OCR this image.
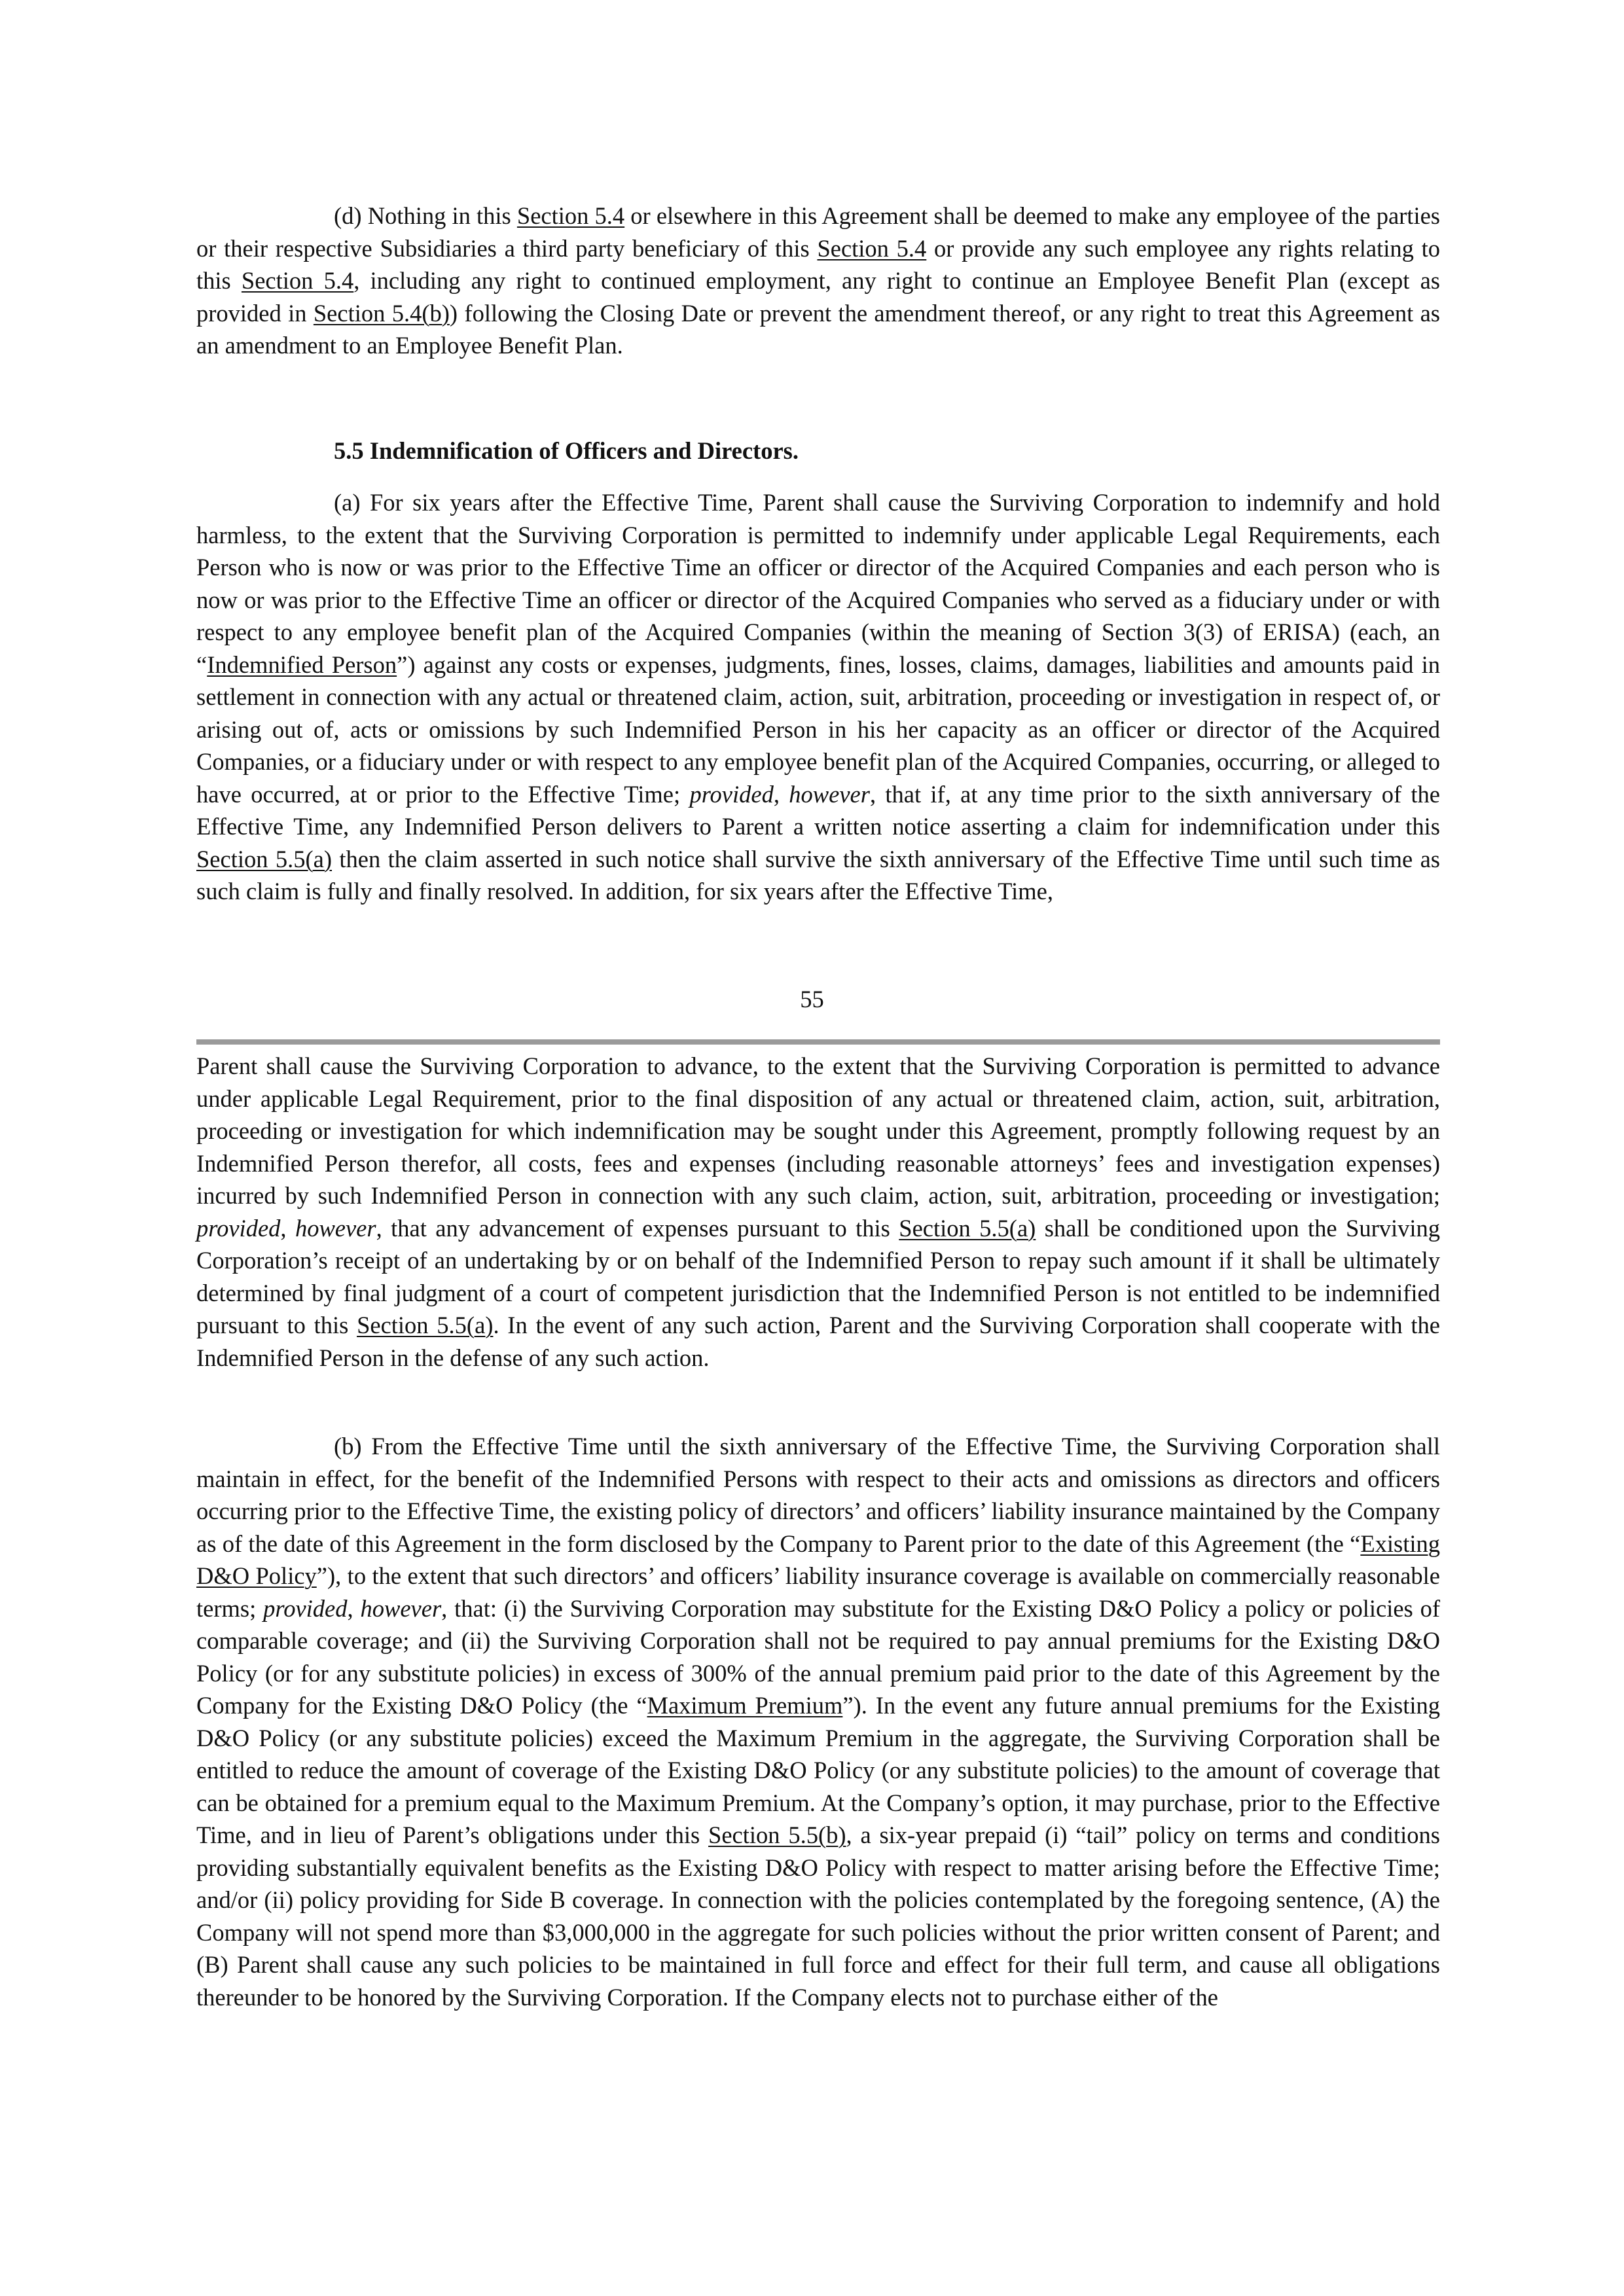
(d) Nothing in this Section 5.4 or elsewhere in this Agreement shall be deemed to make any employee of the parties or their respective Subsidiaries a third party beneficiary of this Section 5.4 or provide any such employee any rights relating to this Section 5.4, including any right to continued employment, any right to continue an Employee Benefit Plan (except as provided in Section 5.4(b)) following the Closing Date or prevent the amendment thereof, or any right to treat this Agreement as an amendment to an Employee Benefit Plan.

5.5 Indemnification of Officers and Directors.

(a) For six years after the Effective Time, Parent shall cause the Surviving Corporation to indemnify and hold harmless, to the extent that the Surviving Corporation is permitted to indemnify under applicable Legal Requirements, each Person who is now or was prior to the Effective Time an officer or director of the Acquired Companies and each person who is now or was prior to the Effective Time an officer or director of the Acquired Companies who served as a fiduciary under or with respect to any employee benefit plan of the Acquired Companies (within the meaning of Section 3(3) of ERISA) (each, an “Indemnified Person”) against any costs or expenses, judgments, fines, losses, claims, damages, liabilities and amounts paid in settlement in connection with any actual or threatened claim, action, suit, arbitration, proceeding or investigation in respect of, or arising out of, acts or omissions by such Indemnified Person in his her capacity as an officer or director of the Acquired Companies, or a fiduciary under or with respect to any employee benefit plan of the Acquired Companies, occurring, or alleged to have occurred, at or prior to the Effective Time; provided, however, that if, at any time prior to the sixth anniversary of the Effective Time, any Indemnified Person delivers to Parent a written notice asserting a claim for indemnification under this Section 5.5(a) then the claim asserted in such notice shall survive the sixth anniversary of the Effective Time until such time as such claim is fully and finally resolved. In addition, for six years after the Effective Time,

55

Parent shall cause the Surviving Corporation to advance, to the extent that the Surviving Corporation is permitted to advance under applicable Legal Requirement, prior to the final disposition of any actual or threatened claim, action, suit, arbitration, proceeding or investigation for which indemnification may be sought under this Agreement, promptly following request by an Indemnified Person therefor, all costs, fees and expenses (including reasonable attorneys’ fees and investigation expenses) incurred by such Indemnified Person in connection with any such claim, action, suit, arbitration, proceeding or investigation; provided, however, that any advancement of expenses pursuant to this Section 5.5(a) shall be conditioned upon the Surviving Corporation’s receipt of an undertaking by or on behalf of the Indemnified Person to repay such amount if it shall be ultimately determined by final judgment of a court of competent jurisdiction that the Indemnified Person is not entitled to be indemnified pursuant to this Section 5.5(a). In the event of any such action, Parent and the Surviving Corporation shall cooperate with the Indemnified Person in the defense of any such action.

(b) From the Effective Time until the sixth anniversary of the Effective Time, the Surviving Corporation shall maintain in effect, for the benefit of the Indemnified Persons with respect to their acts and omissions as directors and officers occurring prior to the Effective Time, the existing policy of directors’ and officers’ liability insurance maintained by the Company as of the date of this Agreement in the form disclosed by the Company to Parent prior to the date of this Agreement (the “Existing D&O Policy”), to the extent that such directors’ and officers’ liability insurance coverage is available on commercially reasonable terms; provided, however, that: (i) the Surviving Corporation may substitute for the Existing D&O Policy a policy or policies of comparable coverage; and (ii) the Surviving Corporation shall not be required to pay annual premiums for the Existing D&O Policy (or for any substitute policies) in excess of 300% of the annual premium paid prior to the date of this Agreement by the Company for the Existing D&O Policy (the “Maximum Premium”). In the event any future annual premiums for the Existing D&O Policy (or any substitute policies) exceed the Maximum Premium in the aggregate, the Surviving Corporation shall be entitled to reduce the amount of coverage of the Existing D&O Policy (or any substitute policies) to the amount of coverage that can be obtained for a premium equal to the Maximum Premium. At the Company’s option, it may purchase, prior to the Effective Time, and in lieu of Parent’s obligations under this Section 5.5(b), a six-year prepaid (i) “tail” policy on terms and conditions providing substantially equivalent benefits as the Existing D&O Policy with respect to matter arising before the Effective Time; and/or (ii) policy providing for Side B coverage. In connection with the policies contemplated by the foregoing sentence, (A) the Company will not spend more than $3,000,000 in the aggregate for such policies without the prior written consent of Parent; and (B) Parent shall cause any such policies to be maintained in full force and effect for their full term, and cause all obligations thereunder to be honored by the Surviving Corporation. If the Company elects not to purchase either of the
